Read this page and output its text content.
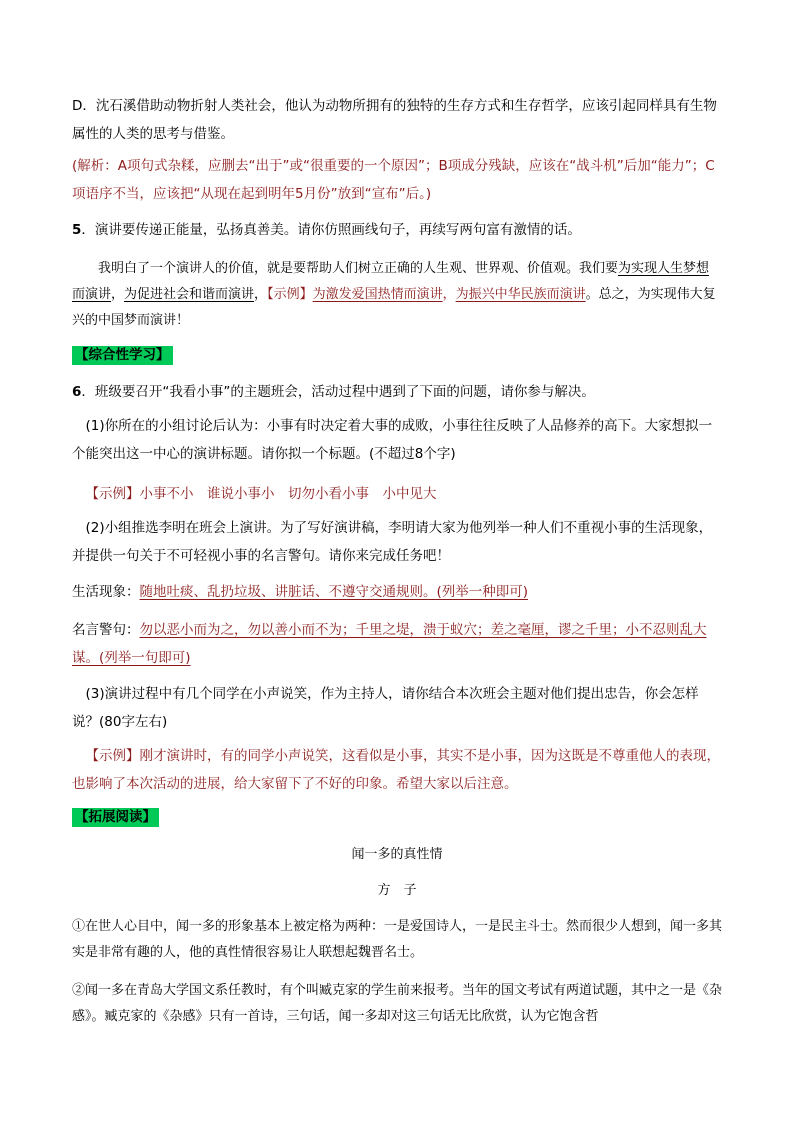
D．沈石溪借助动物折射人类社会，他认为动物所拥有的独特的生存方式和生存哲学，应该引起同样具有生物属性的人类的思考与借鉴。

(解析：A项句式杂糅，应删去“出于”或“很重要的一个原因”；B项成分残缺，应该在“战斗机”后加“能力”；C项语序不当，应该把“从现在起到明年5月份”放到“宣布”后。)

5．演讲要传递正能量，弘扬真善美。请你仿照画线句子，再续写两句富有激情的话。

我明白了一个演讲人的价值，就是要帮助人们树立正确的人生观、世界观、价值观。我们要为实现人生梦想而演讲，为促进社会和谐而演讲，【示例】为激发爱国热情而演讲，为振兴中华民族而演讲。总之，为实现伟大复兴的中国梦而演讲！

【综合性学习】

6．班级要召开“我看小事”的主题班会，活动过程中遇到了下面的问题，请你参与解决。

(1)你所在的小组讨论后认为：小事有时决定着大事的成败，小事往往反映了人品修养的高下。大家想拟一个能突出这一中心的演讲标题。请你拟一个标题。(不超过8个字)

【示例】小事不小　谁说小事小　切勿小看小事　小中见大

(2)小组推选李明在班会上演讲。为了写好演讲稿，李明请大家为他列举一种人们不重视小事的生活现象，并提供一句关于不可轻视小事的名言警句。请你来完成任务吧！

生活现象：随地吐痰、乱扔垃圾、讲脏话、不遵守交通规则。(列举一种即可)

名言警句：勿以恶小而为之，勿以善小而不为；千里之堤，溃于蚁穴；差之毫厘，谬之千里；小不忍则乱大谋。(列举一句即可)

(3)演讲过程中有几个同学在小声说笑，作为主持人，请你结合本次班会主题对他们提出忠告，你会怎样说？(80字左右)

【示例】刚才演讲时，有的同学小声说笑，这看似是小事，其实不是小事，因为这既是不尊重他人的表现，也影响了本次活动的进展，给大家留下了不好的印象。希望大家以后注意。

【拓展阅读】

闻一多的真性情

方　子

①在世人心目中，闻一多的形象基本上被定格为两种：一是爱国诗人，一是民主斗士。然而很少人想到，闻一多其实是非常有趣的人，他的真性情很容易让人联想起魏晋名士。

②闻一多在青岛大学国文系任教时，有个叫臧克家的学生前来报考。当年的国文考试有两道试题，其中之一是《杂感》。臧克家的《杂感》只有一首诗，三句话，闻一多却对这三句话无比欣赏，认为它饱含哲
